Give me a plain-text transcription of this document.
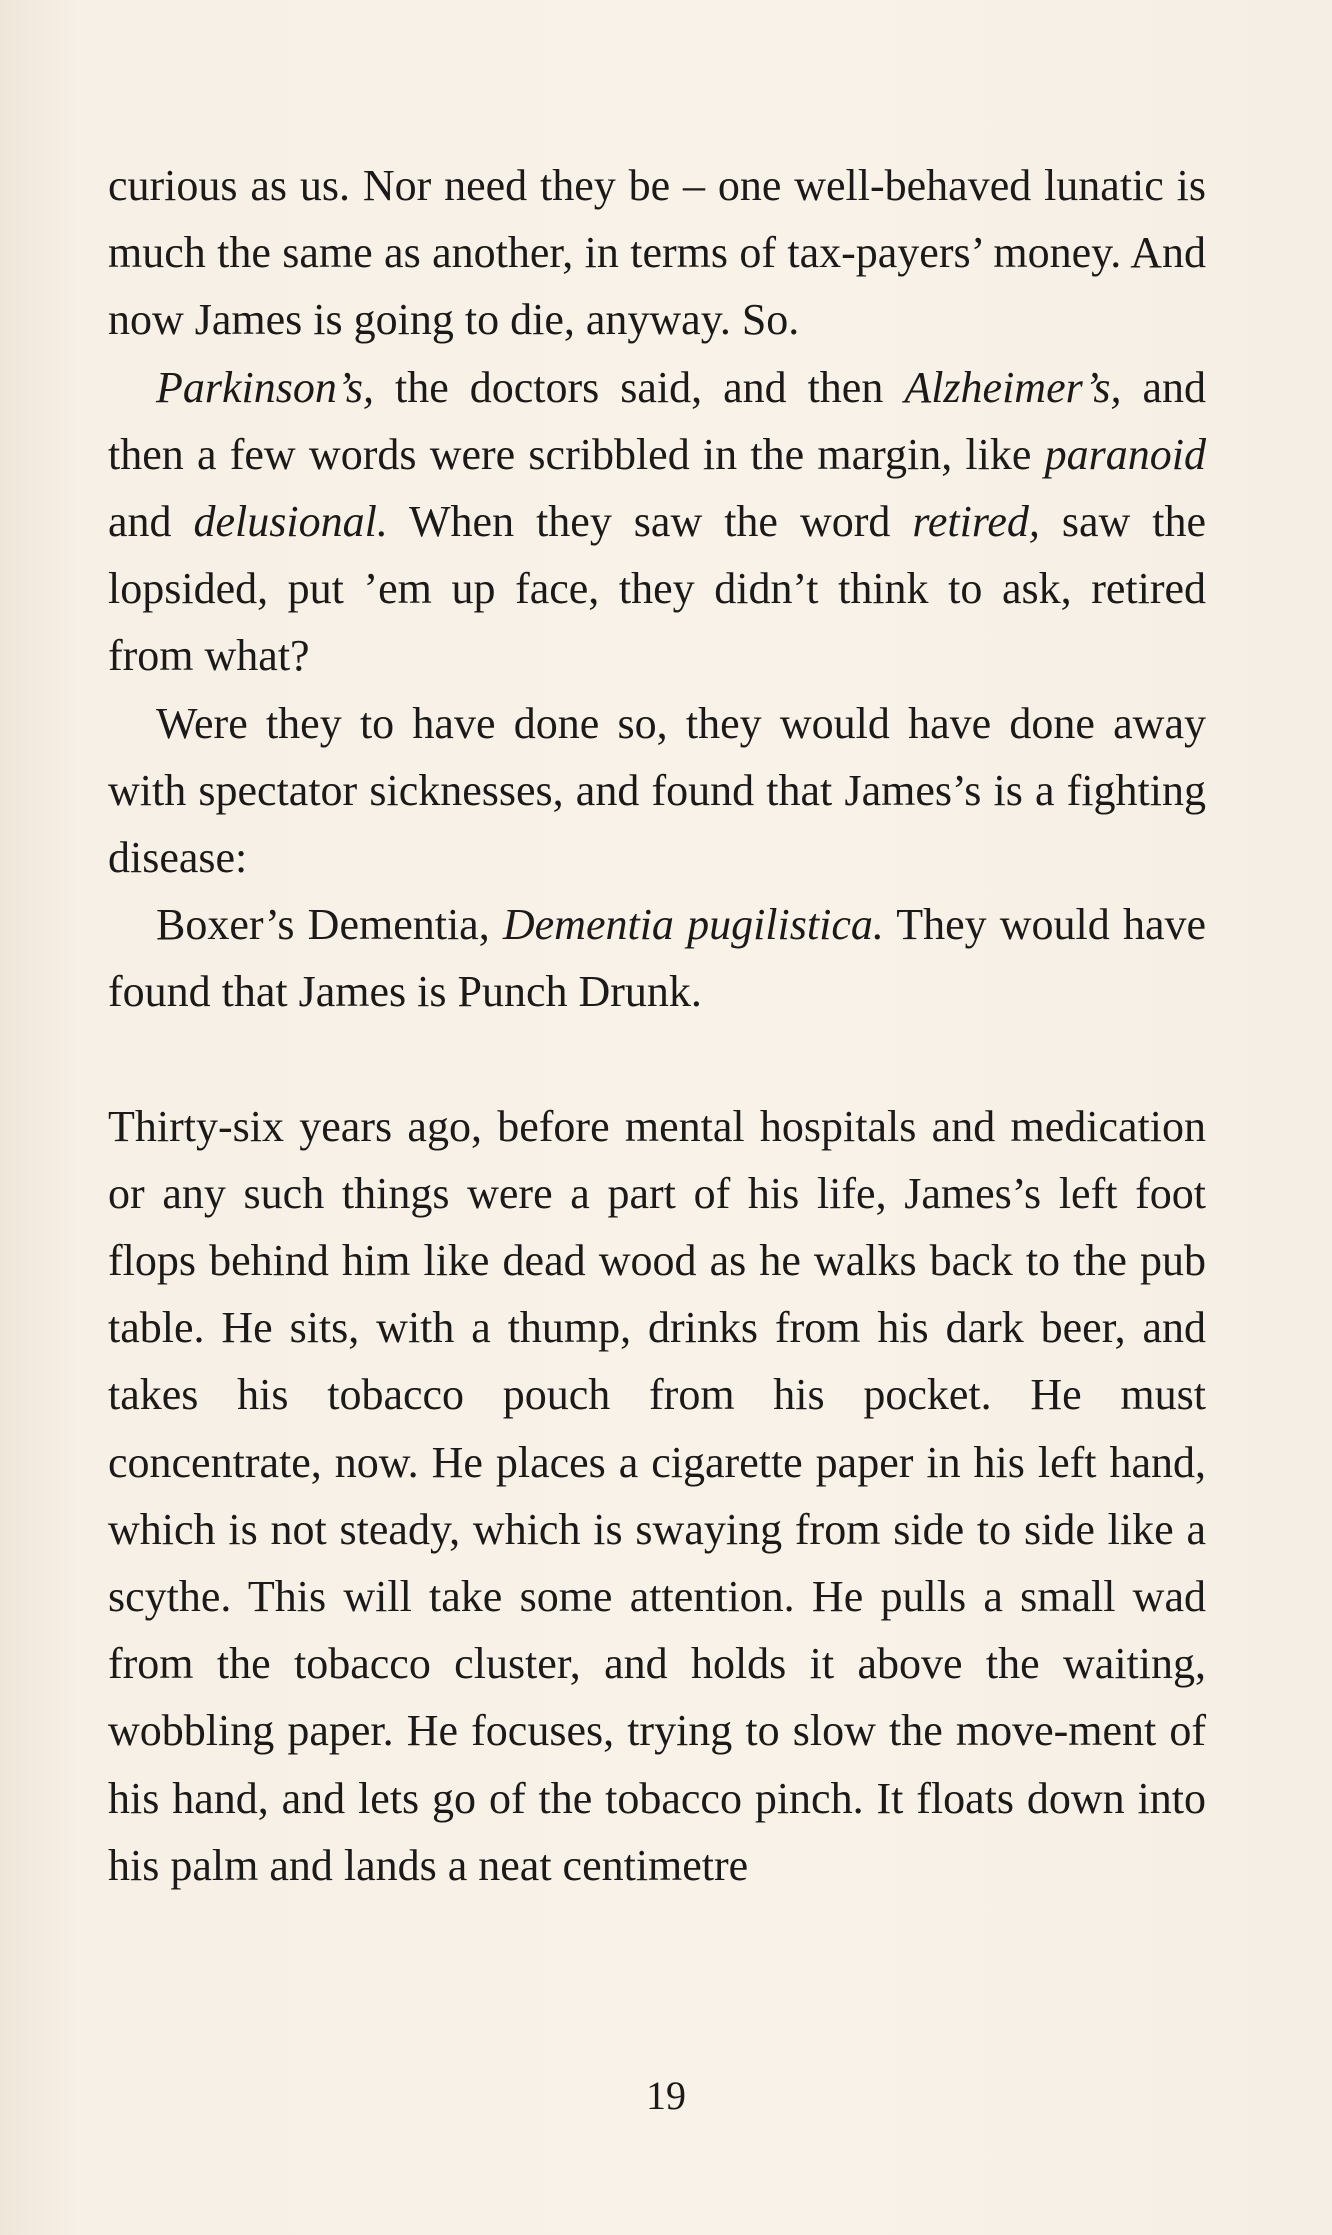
curious as us. Nor need they be – one well-behaved lunatic is much the same as another, in terms of tax-payers’ money. And now James is going to die, anyway. So.

Parkinson’s, the doctors said, and then Alzheimer’s, and then a few words were scribbled in the margin, like paranoid and delusional. When they saw the word retired, saw the lopsided, put ’em up face, they didn’t think to ask, retired from what?

Were they to have done so, they would have done away with spectator sicknesses, and found that James’s is a fighting disease:

Boxer’s Dementia, Dementia pugilistica. They would have found that James is Punch Drunk.

Thirty-six years ago, before mental hospitals and medication or any such things were a part of his life, James’s left foot flops behind him like dead wood as he walks back to the pub table. He sits, with a thump, drinks from his dark beer, and takes his tobacco pouch from his pocket. He must concentrate, now. He places a cigarette paper in his left hand, which is not steady, which is swaying from side to side like a scythe. This will take some attention. He pulls a small wad from the tobacco cluster, and holds it above the waiting, wobbling paper. He focuses, trying to slow the move-ment of his hand, and lets go of the tobacco pinch. It floats down into his palm and lands a neat centimetre

19
